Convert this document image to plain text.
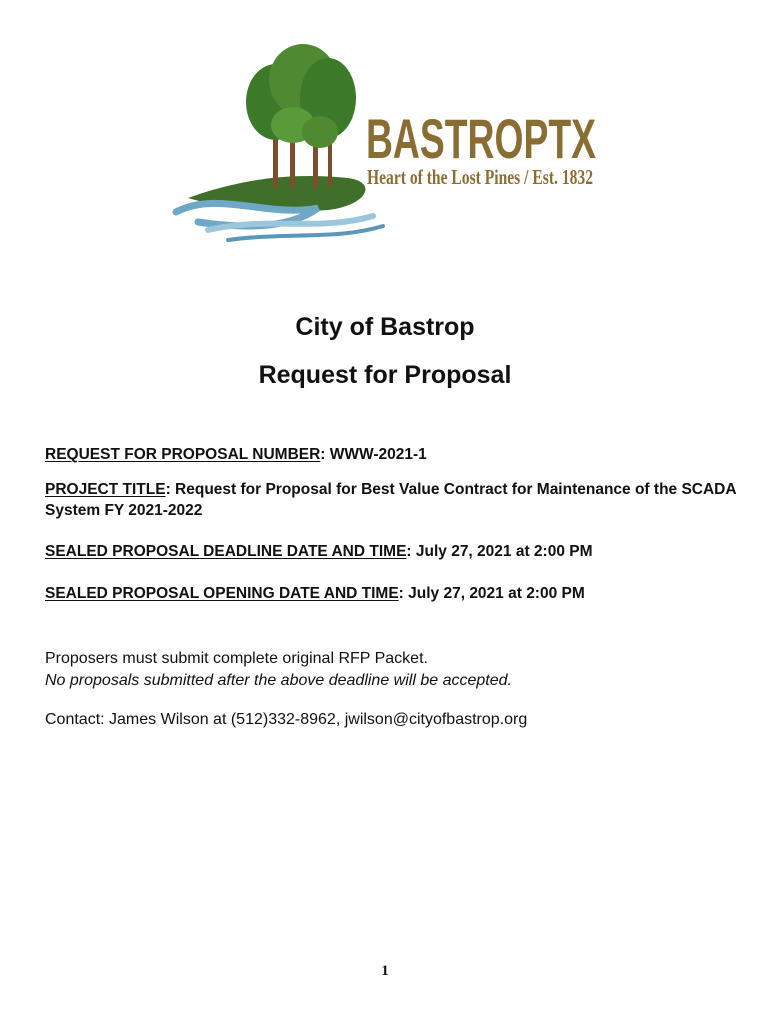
BASTROPTX
Heart of the Lost Pines / Est. 1832
City of Bastrop
Request for Proposal
REQUEST FOR PROPOSAL NUMBER: WWW-2021-1
PROJECT TITLE: Request for Proposal for Best Value Contract for Maintenance of the SCADA System FY 2021-2022
SEALED PROPOSAL DEADLINE DATE AND TIME: July 27, 2021 at 2:00 PM
SEALED PROPOSAL OPENING DATE AND TIME: July 27, 2021 at 2:00 PM
Proposers must submit complete original RFP Packet.
No proposals submitted after the above deadline will be accepted.
Contact: James Wilson at (512)332-8962, jwilson@cityofbastrop.org
1
